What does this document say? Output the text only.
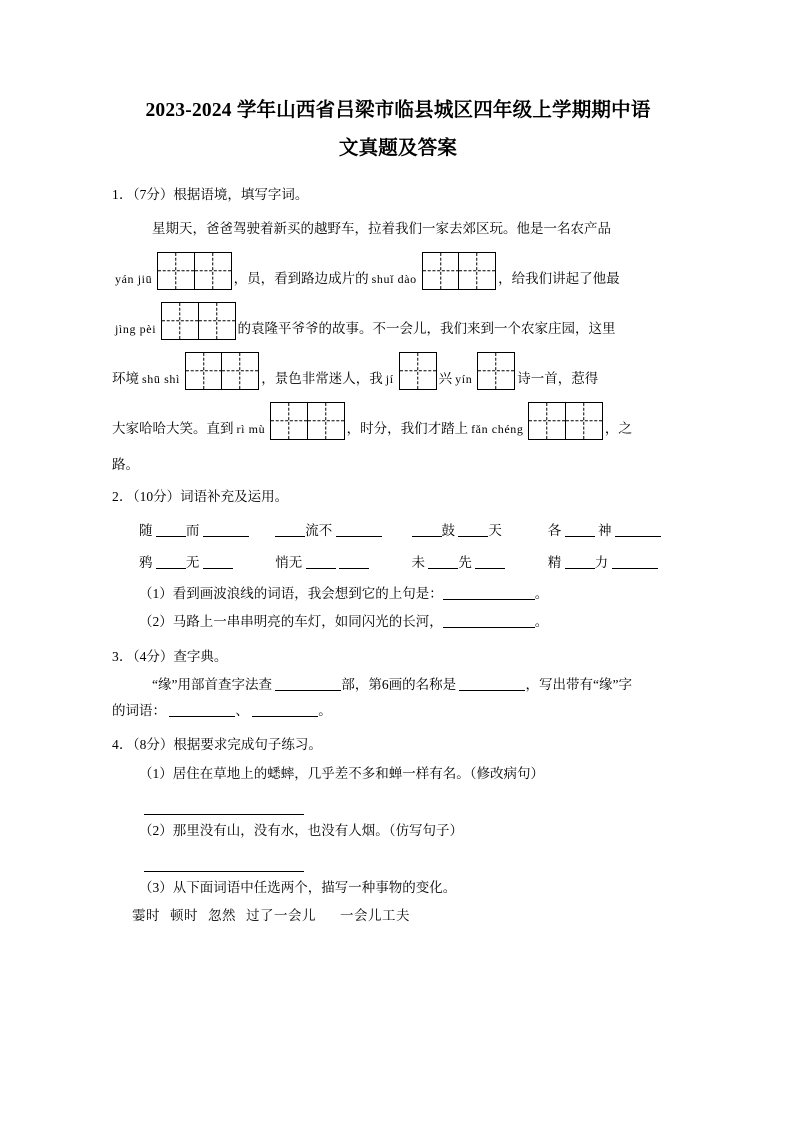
2023-2024 学年山西省吕梁市临县城区四年级上学期期中语
文真题及答案
1．（7分）根据语境，填写字词。
星期天，爸爸驾驶着新买的越野车，拉着我们一家去郊区玩。他是一名农产品
yán jiū	，员，看到路边成片的 shuǐ dào	，给我们讲起了他最
jìng pèi	的袁隆平爷爷的故事。不一会儿，我们来到一个农家庄园，这里
环境 shū shì	，景色非常迷人，我 jí	兴 yín	诗一首，惹得
大家哈哈大笑。直到 rì mù	，时分，我们才踏上 fǎn chéng	，之
路。
2．（10分）词语补充及运用。
随 而	流不	鼓 天	各	神
鸦 无	悄无	未 先	精 力
（1）看到画波浪线的词语，我会想到它的上句是：	。
（2）马路上一串串明亮的车灯，如同闪光的长河，	。
3．（4分）查字典。
“缘”用部首查字法查	部，第6画的名称是	，写出带有“缘”字
的词语：	、	。
4．（8分）根据要求完成句子练习。
（1）居住在草地上的蟋蟀，几乎差不多和蝉一样有名。（修改病句）
（2）那里没有山，没有水，也没有人烟。（仿写句子）
（3）从下面词语中任选两个，描写一种事物的变化。
霎时 顿时 忽然 过了一会儿　一会儿工夫
